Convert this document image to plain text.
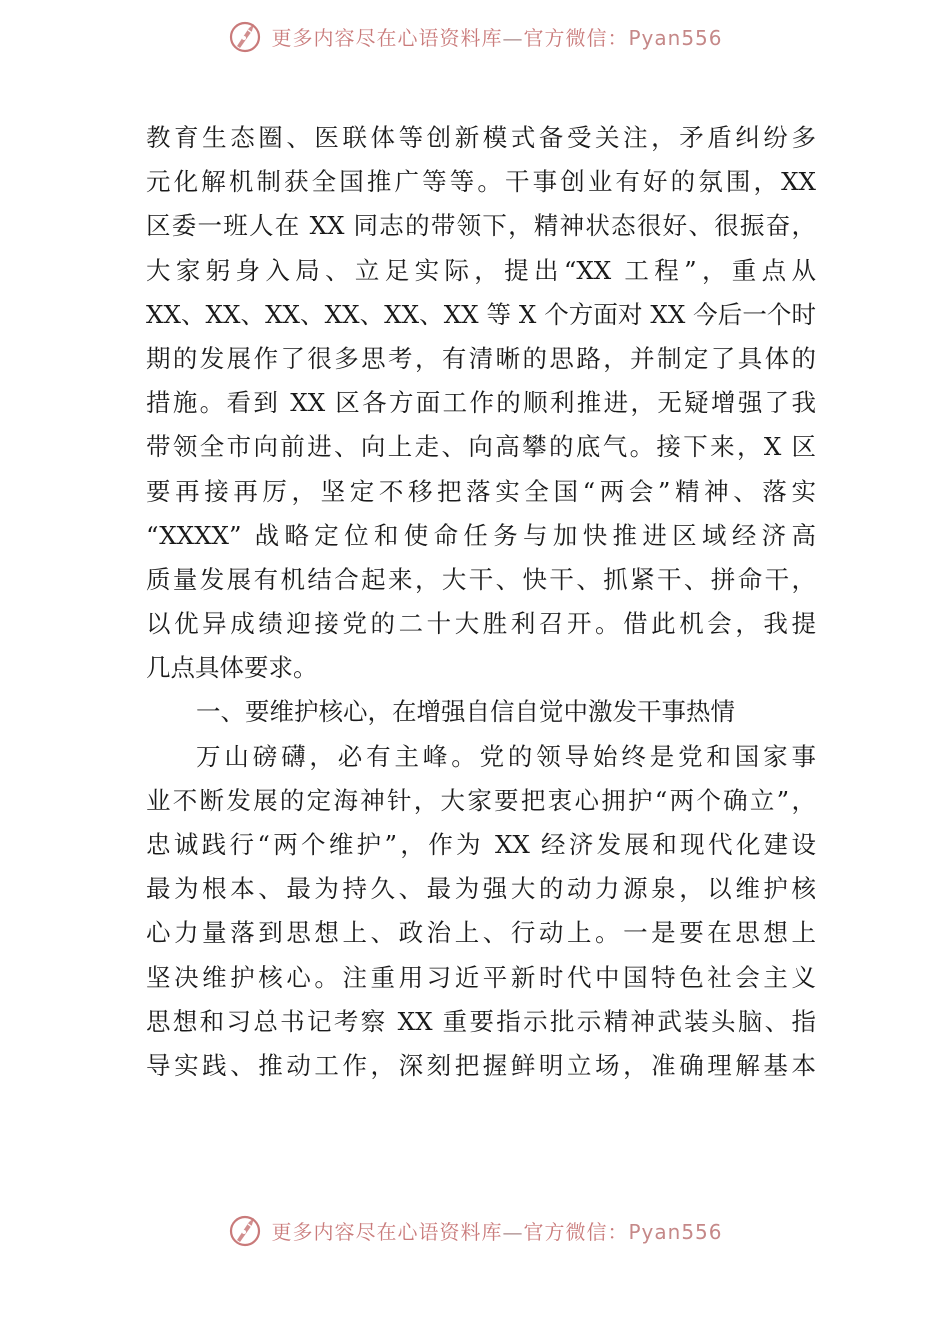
更多内容尽在心语资料库—官方微信：Pyan556
教育生态圈、医联体等创新模式备受关注，矛盾纠纷多
元化解机制获全国推广等等。干事创业有好的氛围，XX
区委一班人在 XX 同志的带领下，精神状态很好、很振奋，
大家躬身入局、立足实际，提出“XX 工程”，重点从
XX、XX、XX、XX、XX、XX 等 X 个方面对 XX 今后一个时
期的发展作了很多思考，有清晰的思路，并制定了具体的
措施。看到 XX 区各方面工作的顺利推进，无疑增强了我
带领全市向前进、向上走、向高攀的底气。接下来，X 区
要再接再厉，坚定不移把落实全国“两会”精神、落实
“XXXX” 战略定位和使命任务与加快推进区域经济高
质量发展有机结合起来，大干、快干、抓紧干、拼命干，
以优异成绩迎接党的二十大胜利召开。借此机会，我提
几点具体要求。
一、要维护核心，在增强自信自觉中激发干事热情
万山磅礴，必有主峰。党的领导始终是党和国家事
业不断发展的定海神针，大家要把衷心拥护“两个确立”，
忠诚践行“两个维护”，作为 XX 经济发展和现代化建设
最为根本、最为持久、最为强大的动力源泉，以维护核
心力量落到思想上、政治上、行动上。一是要在思想上
坚决维护核心。注重用习近平新时代中国特色社会主义
思想和习总书记考察 XX 重要指示批示精神武装头脑、指
导实践、推动工作，深刻把握鲜明立场，准确理解基本
更多内容尽在心语资料库—官方微信：Pyan556
